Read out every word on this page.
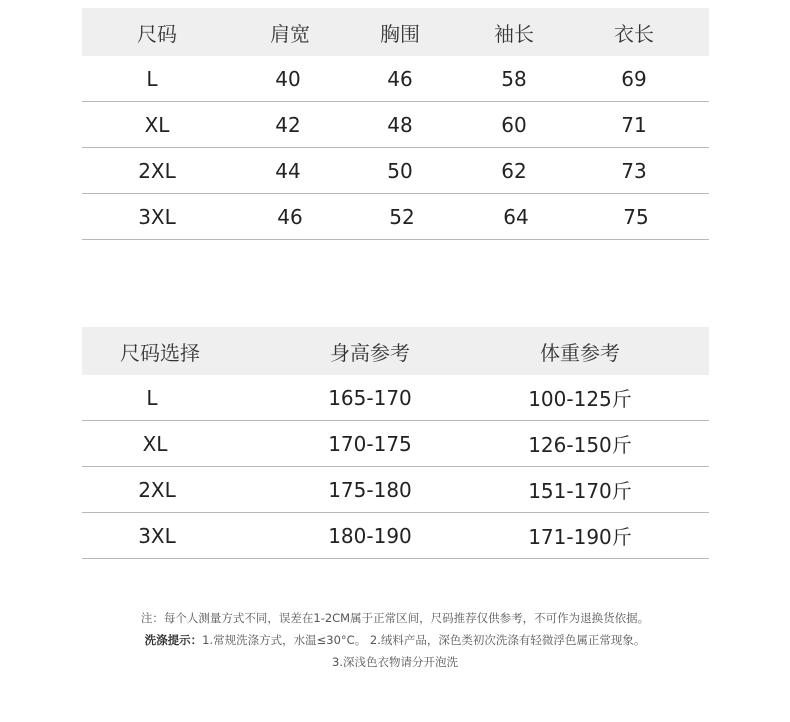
尺码	肩宽	胸围	袖长	衣长
L	40	46	58	69
XL	42	48	60	71
2XL	44	50	62	73
3XL	46	52	64	75
尺码选择	身高参考	体重参考
L	165-170	100-125斤
XL	170-175	126-150斤
2XL	175-180	151-170斤
3XL	180-190	171-190斤
注：每个人测量方式不同，误差在1-2CM属于正常区间，尺码推荐仅供参考，不可作为退换货依据。
洗涤提示：1.常规洗涤方式，水温≤30°C。 2.绒料产品，深色类初次洗涤有轻微浮色属正常现象。
3.深浅色衣物请分开泡洗
